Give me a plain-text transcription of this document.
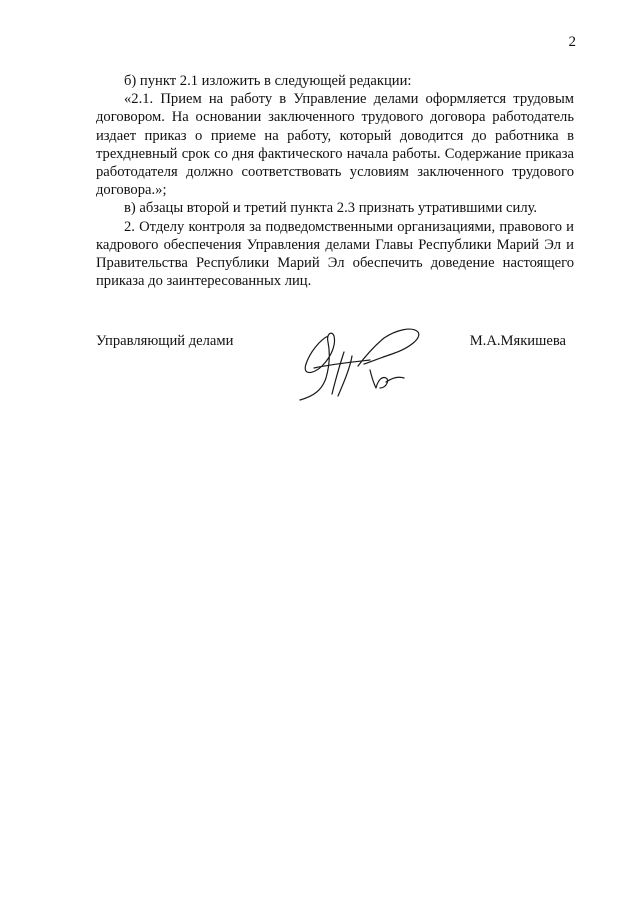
2

б) пункт 2.1 изложить в следующей редакции:

«2.1. Прием на работу в Управление делами оформляется трудовым договором. На основании заключенного трудового договора работодатель издает приказ о приеме на работу, который доводится до работника в трехдневный срок со дня фактического начала работы. Содержание приказа работодателя должно соответствовать условиям заключенного трудового договора.»;

в) абзацы второй и третий пункта 2.3 признать утратившими силу.

2. Отделу контроля за подведомственными организациями, правового и кадрового обеспечения Управления делами Главы Республики Марий Эл и Правительства Республики Марий Эл обеспечить доведение настоящего приказа до заинтересованных лиц.

Управляющий делами	М.А.Мякишева
